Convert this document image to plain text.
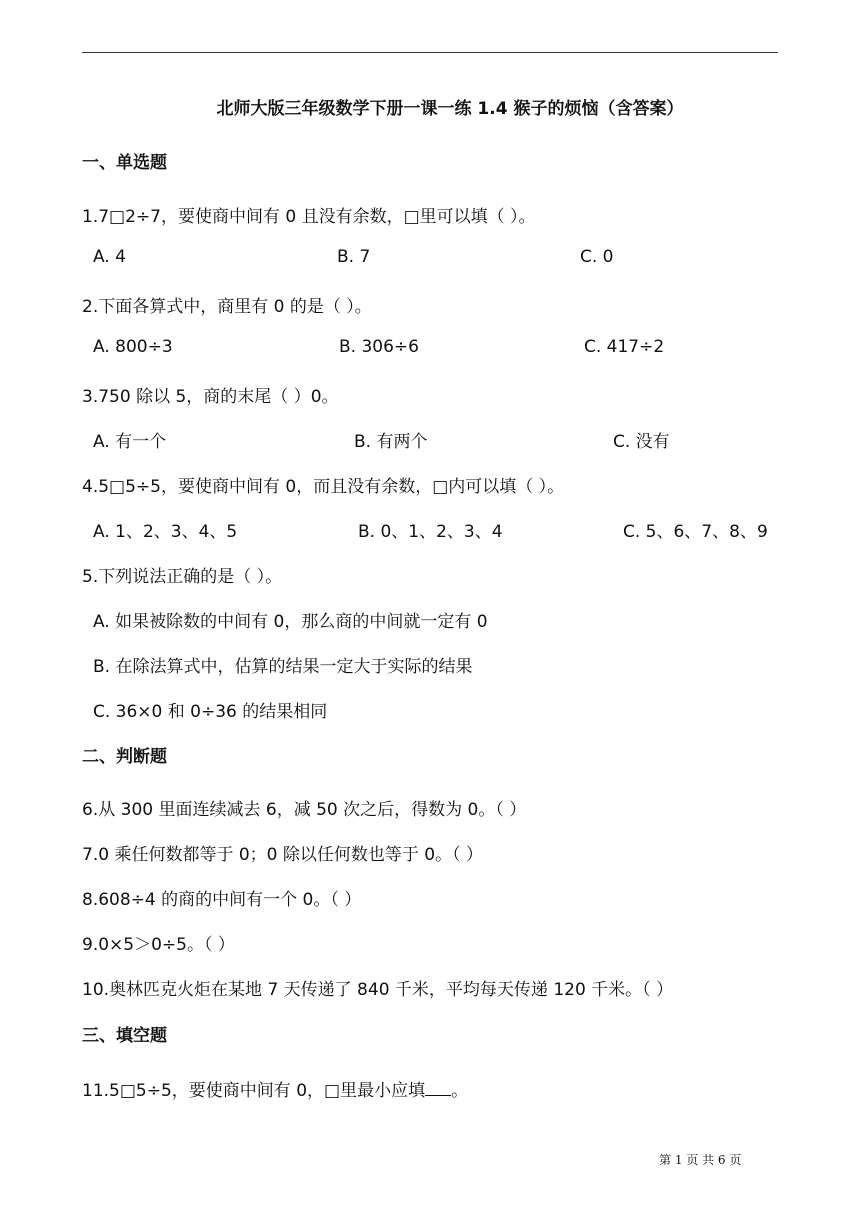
北师大版三年级数学下册一课一练 1.4 猴子的烦恼（含答案）
一、单选题
1.7□2÷7，要使商中间有 0 且没有余数，□里可以填（ ）。
A. 4	B. 7	C. 0
2.下面各算式中，商里有 0 的是（ ）。
A. 800÷3	B. 306÷6	C. 417÷2
3.750 除以 5，商的末尾（ ）0。
A. 有一个	B. 有两个	C. 没有
4.5□5÷5，要使商中间有 0，而且没有余数，□内可以填（ ）。
A. 1、2、3、4、5	B. 0、1、2、3、4	C. 5、6、7、8、9
5.下列说法正确的是（ ）。
A. 如果被除数的中间有 0，那么商的中间就一定有 0
B. 在除法算式中，估算的结果一定大于实际的结果
C. 36×0 和 0÷36 的结果相同
二、判断题
6.从 300 里面连续减去 6，减 50 次之后，得数为 0。（ ）
7.0 乘任何数都等于 0；0 除以任何数也等于 0。（ ）
8.608÷4 的商的中间有一个 0。（ ）
9.0×5＞0÷5。（ ）
10.奥林匹克火炬在某地 7 天传递了 840 千米，平均每天传递 120 千米。（ ）
三、填空题
11.5□5÷5，要使商中间有 0，□里最小应填 。
第 1 页 共 6 页
